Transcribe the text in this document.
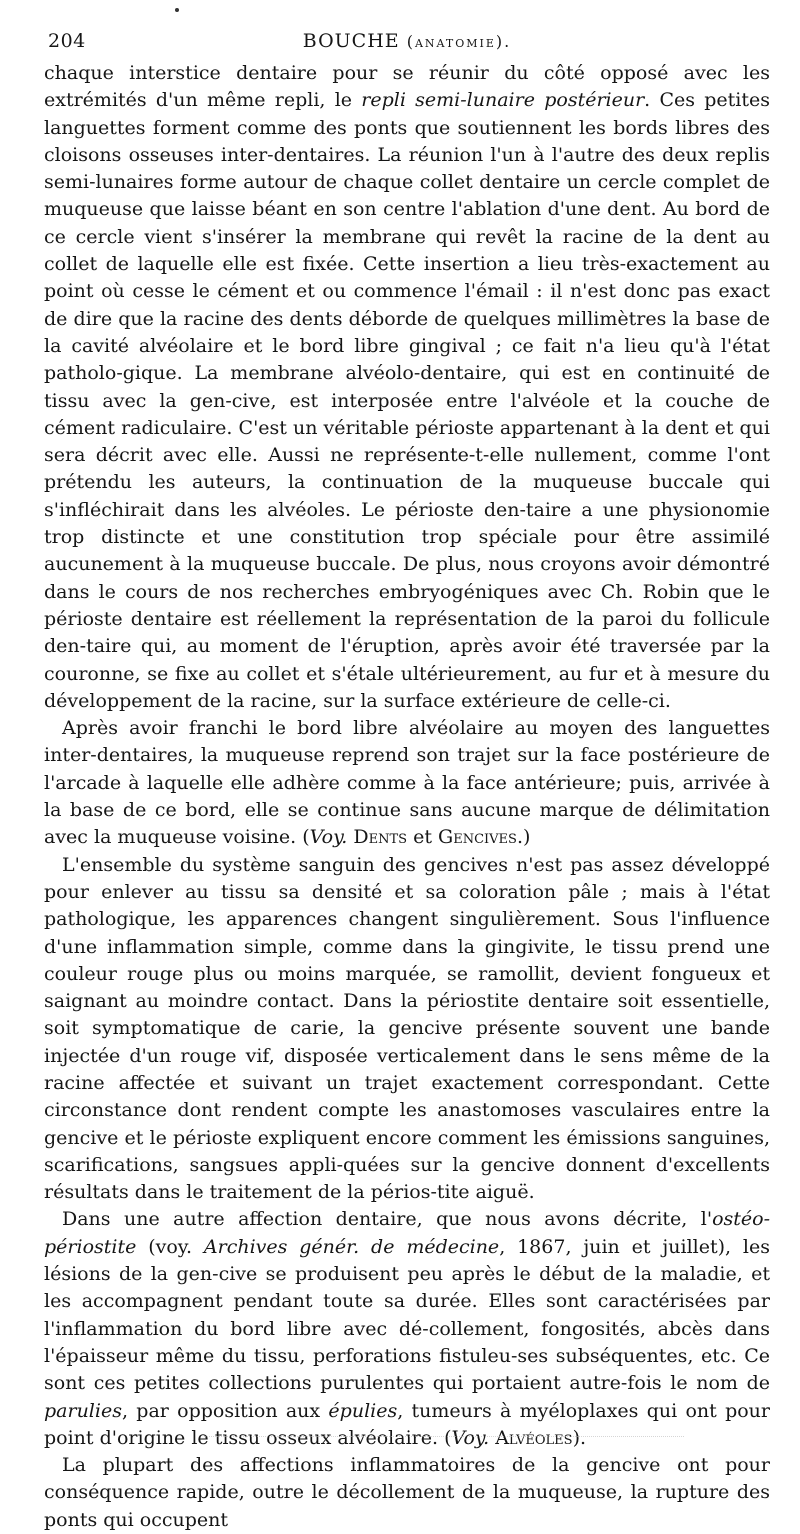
204	BOUCHE (anatomie).

chaque interstice dentaire pour se réunir du côté opposé avec les extrémités d'un même repli, le repli semi-lunaire postérieur. Ces petites languettes forment comme des ponts que soutiennent les bords libres des cloisons osseuses inter-dentaires. La réunion l'un à l'autre des deux replis semi-lunaires forme autour de chaque collet dentaire un cercle complet de muqueuse que laisse béant en son centre l'ablation d'une dent. Au bord de ce cercle vient s'insérer la membrane qui revêt la racine de la dent au collet de laquelle elle est fixée. Cette insertion a lieu très-exactement au point où cesse le cément et ou commence l'émail : il n'est donc pas exact de dire que la racine des dents déborde de quelques millimètres la base de la cavité alvéolaire et le bord libre gingival ; ce fait n'a lieu qu'à l'état patholo-gique. La membrane alvéolo-dentaire, qui est en continuité de tissu avec la gen-cive, est interposée entre l'alvéole et la couche de cément radiculaire. C'est un véritable périoste appartenant à la dent et qui sera décrit avec elle. Aussi ne représente-t-elle nullement, comme l'ont prétendu les auteurs, la continuation de la muqueuse buccale qui s'infléchirait dans les alvéoles. Le périoste den-taire a une physionomie trop distincte et une constitution trop spéciale pour être assimilé aucunement à la muqueuse buccale. De plus, nous croyons avoir démontré dans le cours de nos recherches embryogéniques avec Ch. Robin que le périoste dentaire est réellement la représentation de la paroi du follicule den-taire qui, au moment de l'éruption, après avoir été traversée par la couronne, se fixe au collet et s'étale ultérieurement, au fur et à mesure du développement de la racine, sur la surface extérieure de celle-ci.

Après avoir franchi le bord libre alvéolaire au moyen des languettes inter-dentaires, la muqueuse reprend son trajet sur la face postérieure de l'arcade à laquelle elle adhère comme à la face antérieure; puis, arrivée à la base de ce bord, elle se continue sans aucune marque de délimitation avec la muqueuse voisine. (Voy. Dents et Gencives.)

L'ensemble du système sanguin des gencives n'est pas assez développé pour enlever au tissu sa densité et sa coloration pâle ; mais à l'état pathologique, les apparences changent singulièrement. Sous l'influence d'une inflammation simple, comme dans la gingivite, le tissu prend une couleur rouge plus ou moins marquée, se ramollit, devient fongueux et saignant au moindre contact. Dans la périostite dentaire soit essentielle, soit symptomatique de carie, la gencive présente souvent une bande injectée d'un rouge vif, disposée verticalement dans le sens même de la racine affectée et suivant un trajet exactement correspondant. Cette circonstance dont rendent compte les anastomoses vasculaires entre la gencive et le périoste expliquent encore comment les émissions sanguines, scarifications, sangsues appli-quées sur la gencive donnent d'excellents résultats dans le traitement de la périos-tite aiguë.

Dans une autre affection dentaire, que nous avons décrite, l'ostéo-périostite (voy. Archives génér. de médecine, 1867, juin et juillet), les lésions de la gen-cive se produisent peu après le début de la maladie, et les accompagnent pendant toute sa durée. Elles sont caractérisées par l'inflammation du bord libre avec dé-collement, fongosités, abcès dans l'épaisseur même du tissu, perforations fistuleu-ses subséquentes, etc. Ce sont ces petites collections purulentes qui portaient autre-fois le nom de parulies, par opposition aux épulies, tumeurs à myéloplaxes qui ont pour point d'origine le tissu osseux alvéolaire. (Voy. Alvéoles).

La plupart des affections inflammatoires de la gencive ont pour conséquence rapide, outre le décollement de la muqueuse, la rupture des ponts qui occupent
